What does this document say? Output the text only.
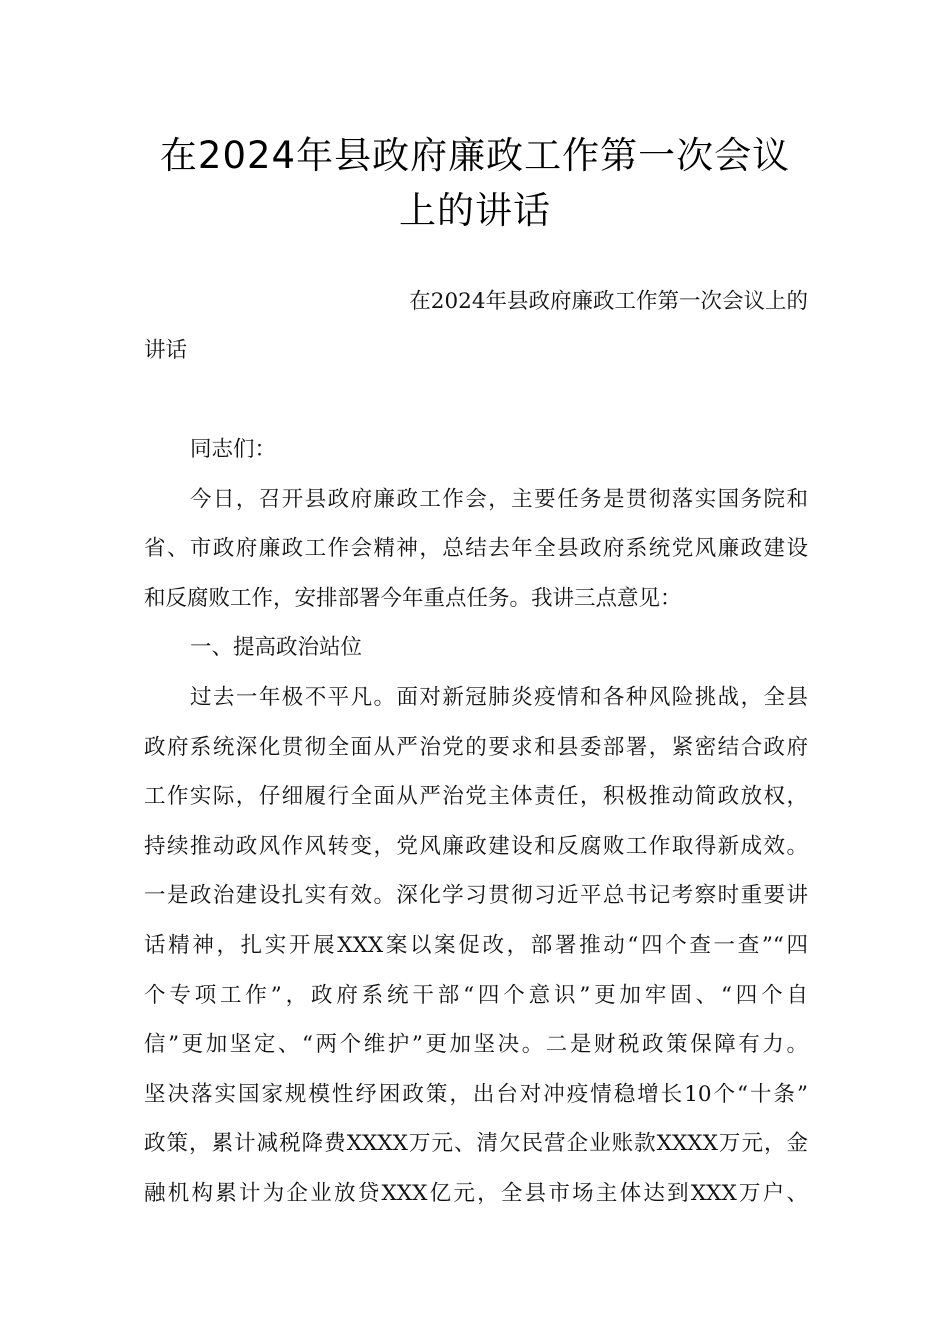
在2024年县政府廉政工作第一次会议
上的讲话
在2024年县政府廉政工作第一次会议上的
讲话
同志们：
今日，召开县政府廉政工作会，主要任务是贯彻落实国务院和
省、市政府廉政工作会精神，总结去年全县政府系统党风廉政建设
和反腐败工作，安排部署今年重点任务。我讲三点意见：
一、提高政治站位
过去一年极不平凡。面对新冠肺炎疫情和各种风险挑战，全县
政府系统深化贯彻全面从严治党的要求和县委部署，紧密结合政府
工作实际，仔细履行全面从严治党主体责任，积极推动简政放权，
持续推动政风作风转变，党风廉政建设和反腐败工作取得新成效。
一是政治建设扎实有效。深化学习贯彻习近平总书记考察时重要讲
话精神，扎实开展XXX案以案促改，部署推动“四个查一查”“四
个专项工作”，政府系统干部“四个意识”更加牢固、“四个自
信”更加坚定、“两个维护”更加坚决。二是财税政策保障有力。
坚决落实国家规模性纾困政策，出台对冲疫情稳增长10个“十条”
政策，累计减税降费XXXX万元、清欠民营企业账款XXXX万元，金
融机构累计为企业放贷XXX亿元，全县市场主体达到XXX万户、
